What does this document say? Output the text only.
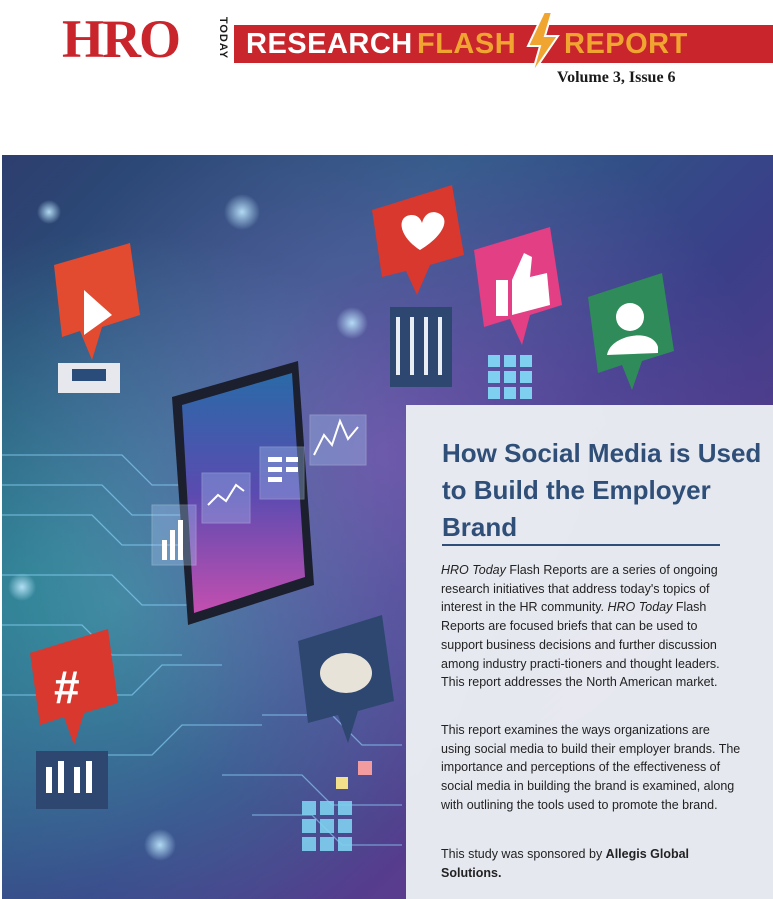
HRO	TODAY RESEARCH FLASH REPORT
Volume 3, Issue 6
#
How Social Media is Used to Build the Employer Brand
HRO Today Flash Reports are a series of ongoing research initiatives that address today's topics of interest in the HR community. HRO Today Flash Reports are focused briefs that can be used to support business decisions and further discussion among industry practi-tioners and thought leaders. This report addresses the North American market.
This report examines the ways organizations are using social media to build their employer brands. The importance and perceptions of the effectiveness of social media in building the brand is examined, along with outlining the tools used to promote the brand.
This study was sponsored by Allegis Global Solutions.
